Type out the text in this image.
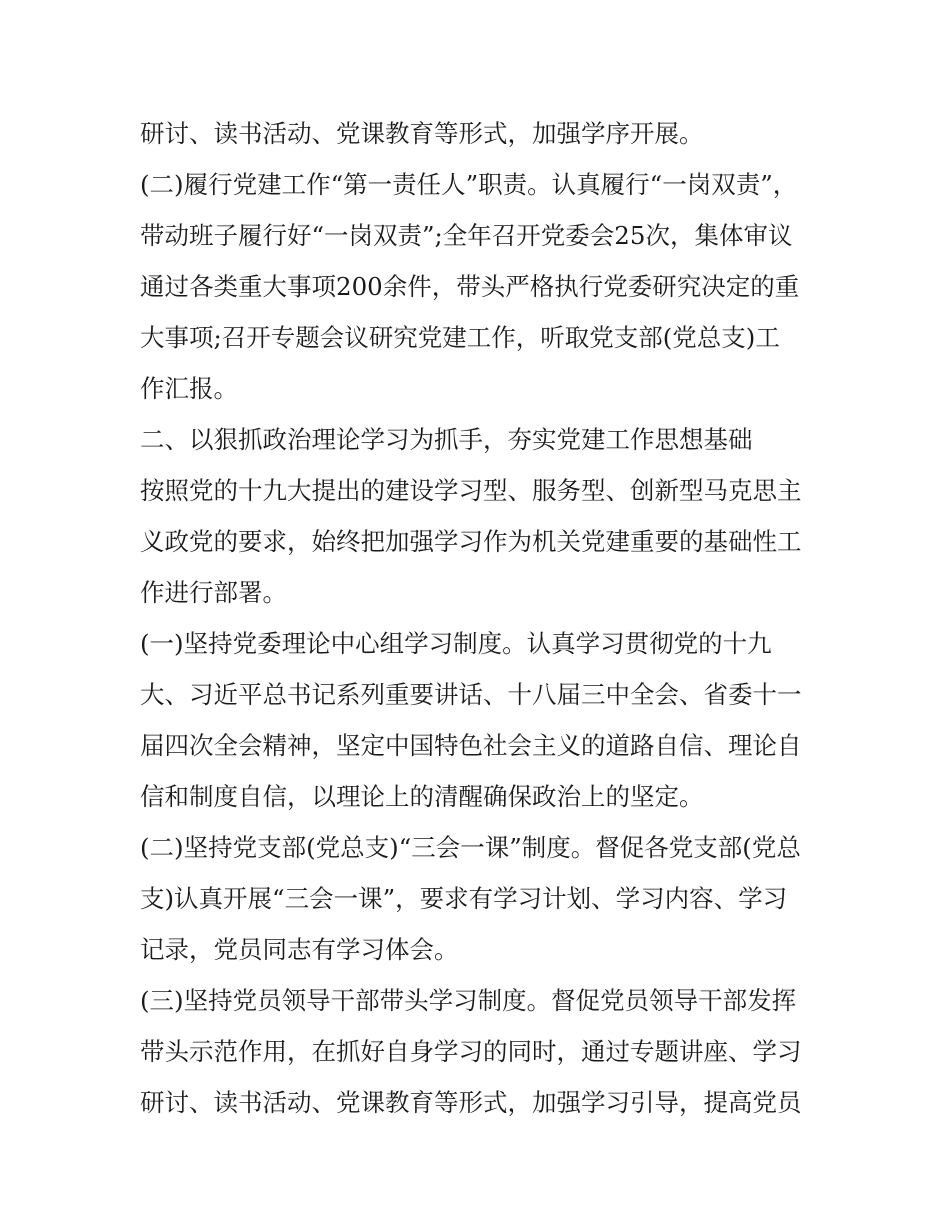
研讨、读书活动、党课教育等形式，加强学序开展。
(二)履行党建工作“第一责任人”职责。认真履行“一岗双责”，
带动班子履行好“一岗双责”;全年召开党委会25次，集体审议
通过各类重大事项200余件，带头严格执行党委研究决定的重
大事项;召开专题会议研究党建工作，听取党支部(党总支)工
作汇报。
二、以狠抓政治理论学习为抓手，夯实党建工作思想基础
按照党的十九大提出的建设学习型、服务型、创新型马克思主
义政党的要求，始终把加强学习作为机关党建重要的基础性工
作进行部署。
(一)坚持党委理论中心组学习制度。认真学习贯彻党的十九
大、习近平总书记系列重要讲话、十八届三中全会、省委十一
届四次全会精神，坚定中国特色社会主义的道路自信、理论自
信和制度自信，以理论上的清醒确保政治上的坚定。
(二)坚持党支部(党总支)“三会一课”制度。督促各党支部(党总
支)认真开展“三会一课”，要求有学习计划、学习内容、学习
记录，党员同志有学习体会。
(三)坚持党员领导干部带头学习制度。督促党员领导干部发挥
带头示范作用，在抓好自身学习的同时，通过专题讲座、学习
研讨、读书活动、党课教育等形式，加强学习引导，提高党员
